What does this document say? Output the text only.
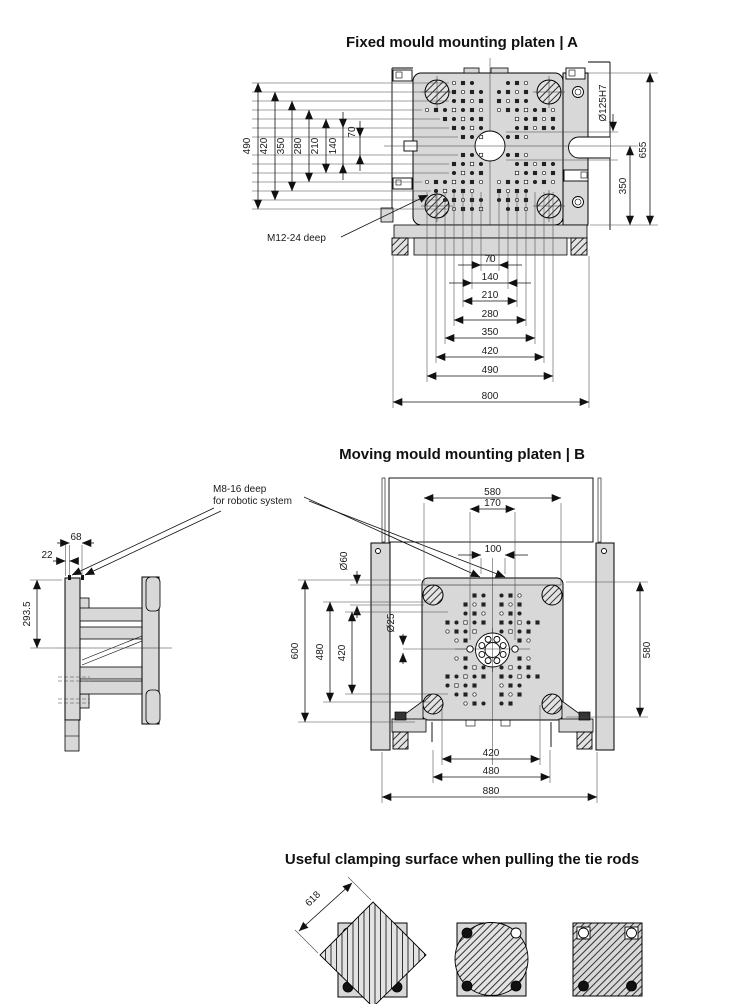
Fixed mould mounting platen | A
490 420 350 280 210 140
70
Ø125H7
655
350
M12-24 deep
70
140
210
280
350
420
490
800
Moving mould mounting platen | B
M8-16 deep
for robotic system
68
22
293.5
580
170
100
Ø60
Ø25
600 480 420	580
420
480
880
Useful clamping surface when pulling the tie rods
618
